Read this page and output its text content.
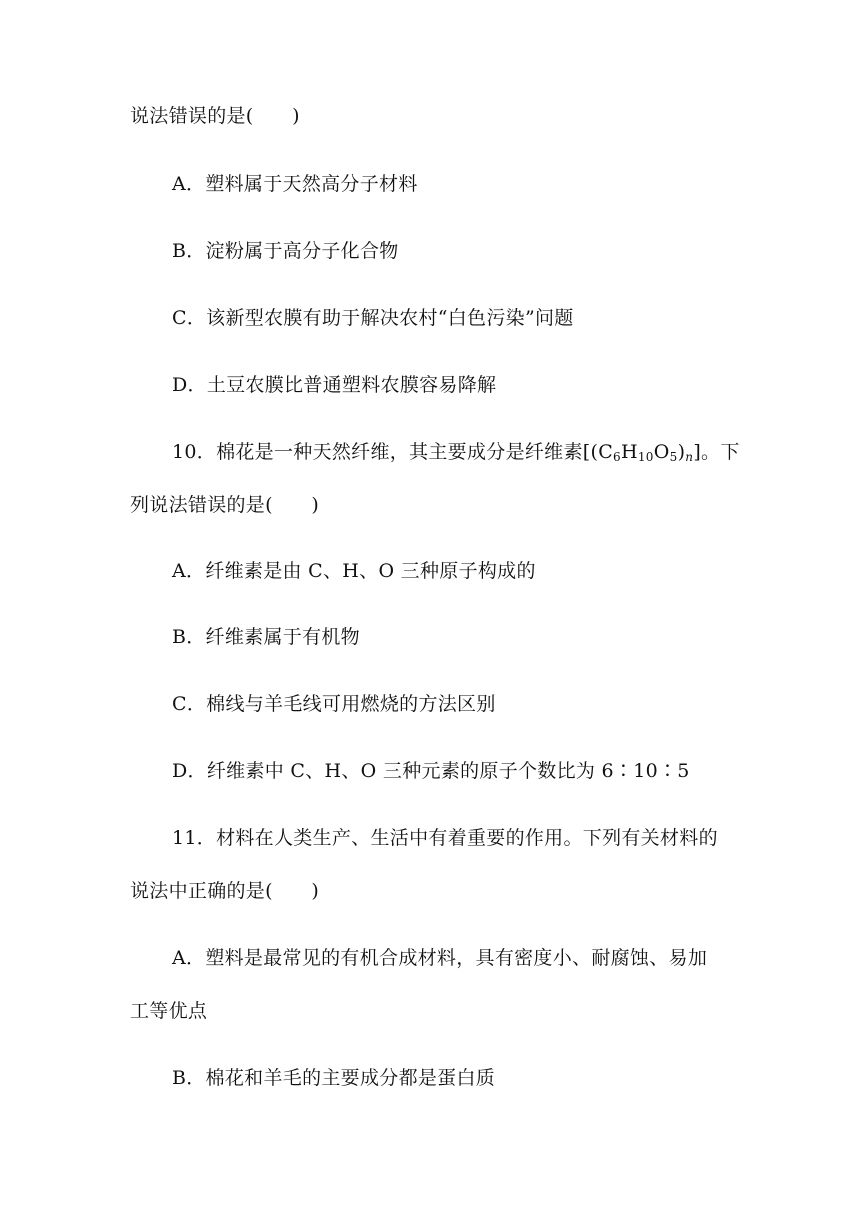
说法错误的是(　　)
A．塑料属于天然高分子材料
B．淀粉属于高分子化合物
C．该新型农膜有助于解决农村“白色污染”问题
D．土豆农膜比普通塑料农膜容易降解
10．棉花是一种天然纤维，其主要成分是纤维素$[(C_6H_{10}O_5)_n]$。下
列说法错误的是(　　)
A．纤维素是由 C、H、O 三种原子构成的
B．纤维素属于有机物
C．棉线与羊毛线可用燃烧的方法区别
D．纤维素中 C、H、O 三种元素的原子个数比为 6∶10∶5
11．材料在人类生产、生活中有着重要的作用。下列有关材料的
说法中正确的是(　　)
A．塑料是最常见的有机合成材料，具有密度小、耐腐蚀、易加
工等优点
B．棉花和羊毛的主要成分都是蛋白质
